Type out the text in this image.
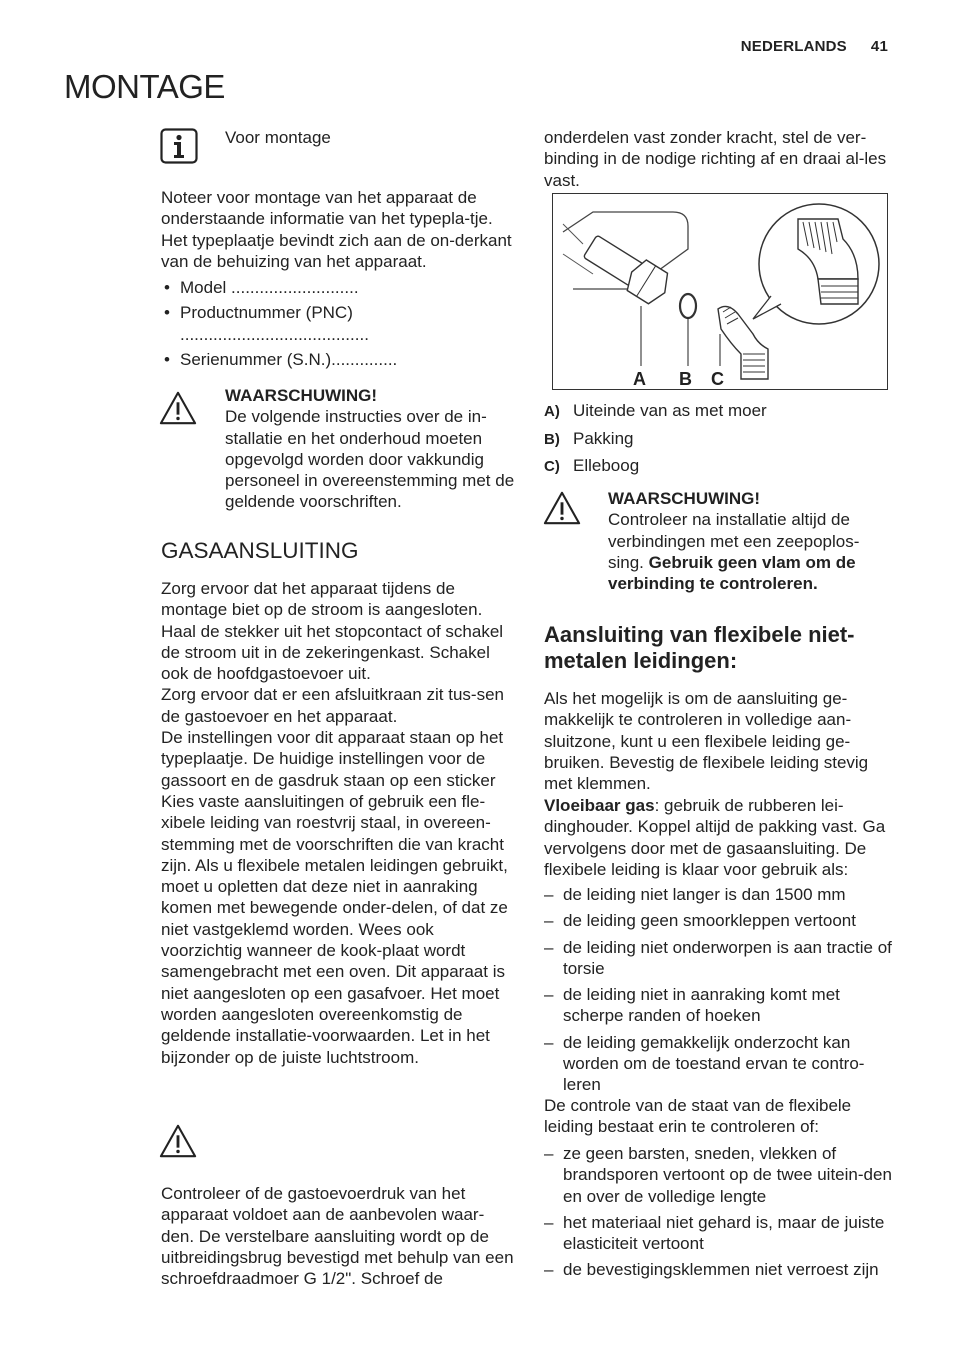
NEDERLANDS 41
MONTAGE
Voor montage

Noteer voor montage van het apparaat de onderstaande informatie van het typepla-tje. Het typeplaatje bevindt zich aan de on-derkant van de behuizing van het apparaat.

• Model ...........................
• Productnummer (PNC) ........................................
• Serienummer (S.N.)..............
WAARSCHUWING!
De volgende instructies over de in-stallatie en het onderhoud moeten opgevolgd worden door vakkundig personeel in overeenstemming met de geldende voorschriften.
GASAANSLUITING

Zorg ervoor dat het apparaat tijdens de montage biet op de stroom is aangesloten. Haal de stekker uit het stopcontact of schakel de stroom uit in de zekeringenkast. Schakel ook de hoofdgastoevoer uit.
Zorg ervoor dat er een afsluitkraan zit tus-sen de gastoevoer en het apparaat.
De instellingen voor dit apparaat staan op het typeplaatje. De huidige instellingen voor de gassoort en de gasdruk staan op een sticker
Kies vaste aansluitingen of gebruik een fle-xibele leiding van roestvrij staal, in overeen-stemming met de voorschriften die van kracht zijn. Als u flexibele metalen leidingen gebruikt, moet u opletten dat deze niet in aanraking komen met bewegende onder-delen, of dat ze niet vastgeklemd worden. Wees ook voorzichtig wanneer de kook-plaat wordt samengebracht met een oven. Dit apparaat is niet aangesloten op een gasafvoer. Het moet worden aangesloten overeenkomstig de geldende installatie-voorwaarden. Let in het bijzonder op de juiste luchtstroom.

Controleer of de gastoevoerdruk van het apparaat voldoet aan de aanbevolen waar-den. De verstelbare aansluiting wordt op de uitbreidingsbrug bevestigd met behulp van een schroefdraadmoer G 1/2". Schroef de

onderdelen vast zonder kracht, stel de ver-binding in de nodige richting af en draai al-les vast.

A B C
A) Uiteinde van as met moer
B) Pakking
C) Elleboog
WAARSCHUWING!
Controleer na installatie altijd de verbindingen met een zeepoplos-sing. Gebruik geen vlam om de verbinding te controleren.
Aansluiting van flexibele niet-metalen leidingen:

Als het mogelijk is om de aansluiting ge-makkelijk te controleren in volledige aan-sluitzone, kunt u een flexibele leiding ge-bruiken. Bevestig de flexibele leiding stevig met klemmen.

Vloeibaar gas: gebruik de rubberen lei-dinghouder. Koppel altijd de pakking vast. Ga vervolgens door met de gasaansluiting. De flexibele leiding is klaar voor gebruik als:

– de leiding niet langer is dan 1500 mm
– de leiding geen smoorkleppen vertoont
– de leiding niet onderworpen is aan tractie of torsie
– de leiding niet in aanraking komt met scherpe randen of hoeken
– de leiding gemakkelijk onderzocht kan worden om de toestand ervan te contro-leren

De controle van de staat van de flexibele leiding bestaat erin te controleren of:

– ze geen barsten, sneden, vlekken of brandsporen vertoont op de twee uitein-den en over de volledige lengte
– het materiaal niet gehard is, maar de juiste elasticiteit vertoont
– de bevestigingsklemmen niet verroest zijn
